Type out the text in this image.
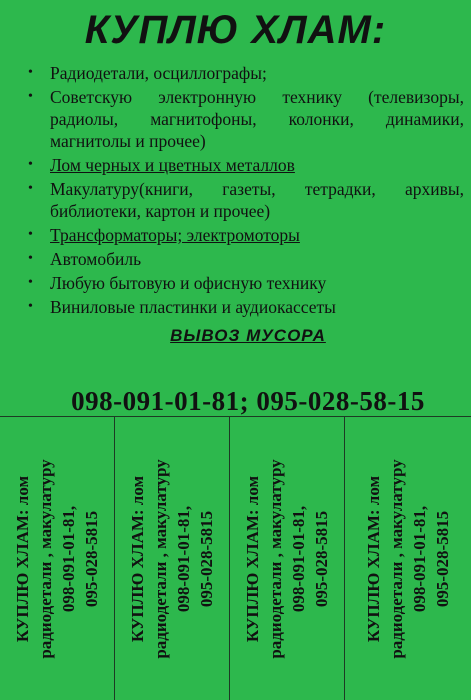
КУПЛЮ ХЛАМ:
• Радиодетали, осциллографы;
• Советскую электронную технику (телевизоры, радиолы, магнитофоны, колонки, динамики, магнитолы и прочее)
• Лом черных и цветных металлов
• Макулатуру(книги, газеты, тетрадки, архивы, библиотеки, картон и прочее)
• Трансформаторы; электромоторы
• Автомобиль
• Любую бытовую и офисную технику
• Виниловые пластинки и аудиокассеты
ВЫВОЗ МУСОРА
098-091-01-81; 095-028-58-15
КУПЛЮ ХЛАМ: лом радиодетали , макулатуру 098-091-01-81, 095-028-5815 КУПЛЮ ХЛАМ: лом радиодетали , макулатуру 098-091-01-81, 095-028-5815 КУПЛЮ ХЛАМ: лом радиодетали , макулатуру 098-091-01-81, 095-028-5815 КУПЛЮ ХЛАМ: лом радиодетали , макулатуру 098-091-01-81, 095-028-5815
